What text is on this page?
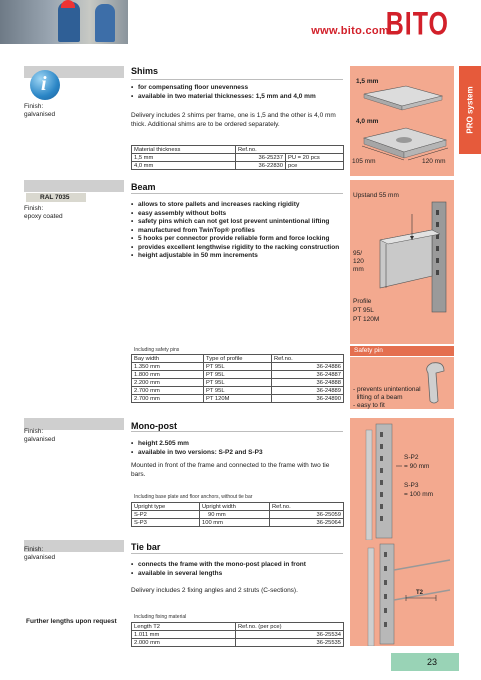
www.bito.com
BITO
PRO system
i
Finish:
galvanised
Shims
• for compensating floor unevenness
• available in two material thicknesses: 1,5 mm and 4,0 mm
Delivery includes 2 shims per frame, one is 1,5 and the other is 4,0 mm thick. Additional shims are to be ordered separately.
Material thickness	Ref.no.	
1,5 mm	36-25237	PU = 20 pcs
4,0 mm	36-22830	pce
1,5 mm
4,0 mm
105 mm	120 mm
RAL 7035
Finish:
epoxy coated
Beam
• allows to store pallets and increases racking rigidity
• easy assembly without bolts
• safety pins which can not get lost prevent unintentional lifting
• manufactured from TwinTop® profiles
• 5 hooks per connector provide reliable form and force locking
• provides excellent lengthwise rigidity to the racking construction
• height adjustable in 50 mm increments
Including safety pins
Bay width	Type of profile	Ref.no.
1.350 mm	PT 95L	36-24886
1.800 mm	PT 95L	36-24887
2.200 mm	PT 95L	36-24888
2.700 mm	PT 95L	36-24889
2.700 mm	PT 120M	36-24890
Upstand 55 mm
95/
120
mm
Profile
PT 95L
PT 120M
Safety pin

- prevents unintentional
lifting of a beam
- easy to fit

Finish:
galvanised
Mono-post
• height 2.505 mm
• available in two versions: S-P2 and S-P3
Mounted in front of the frame and connected to the frame with two tie bars.
Including base plate and floor anchors, without tie bar
Upright type	Upright width	Ref.no.
S-P2	90 mm	36-25059
S-P3	100 mm	36-25064
S-P2
= 90 mm
S-P3
= 100 mm
Finish:
galvanised
Further lengths upon request
Tie bar
• connects the frame with the mono-post placed in front
• available in several lengths
Delivery includes 2 fixing angles and 2 struts (C-sections).
Including fixing material
Length T2	Ref.no. (per pce)
1.011 mm	36-25534
2.000 mm	36-25535
T2
23
